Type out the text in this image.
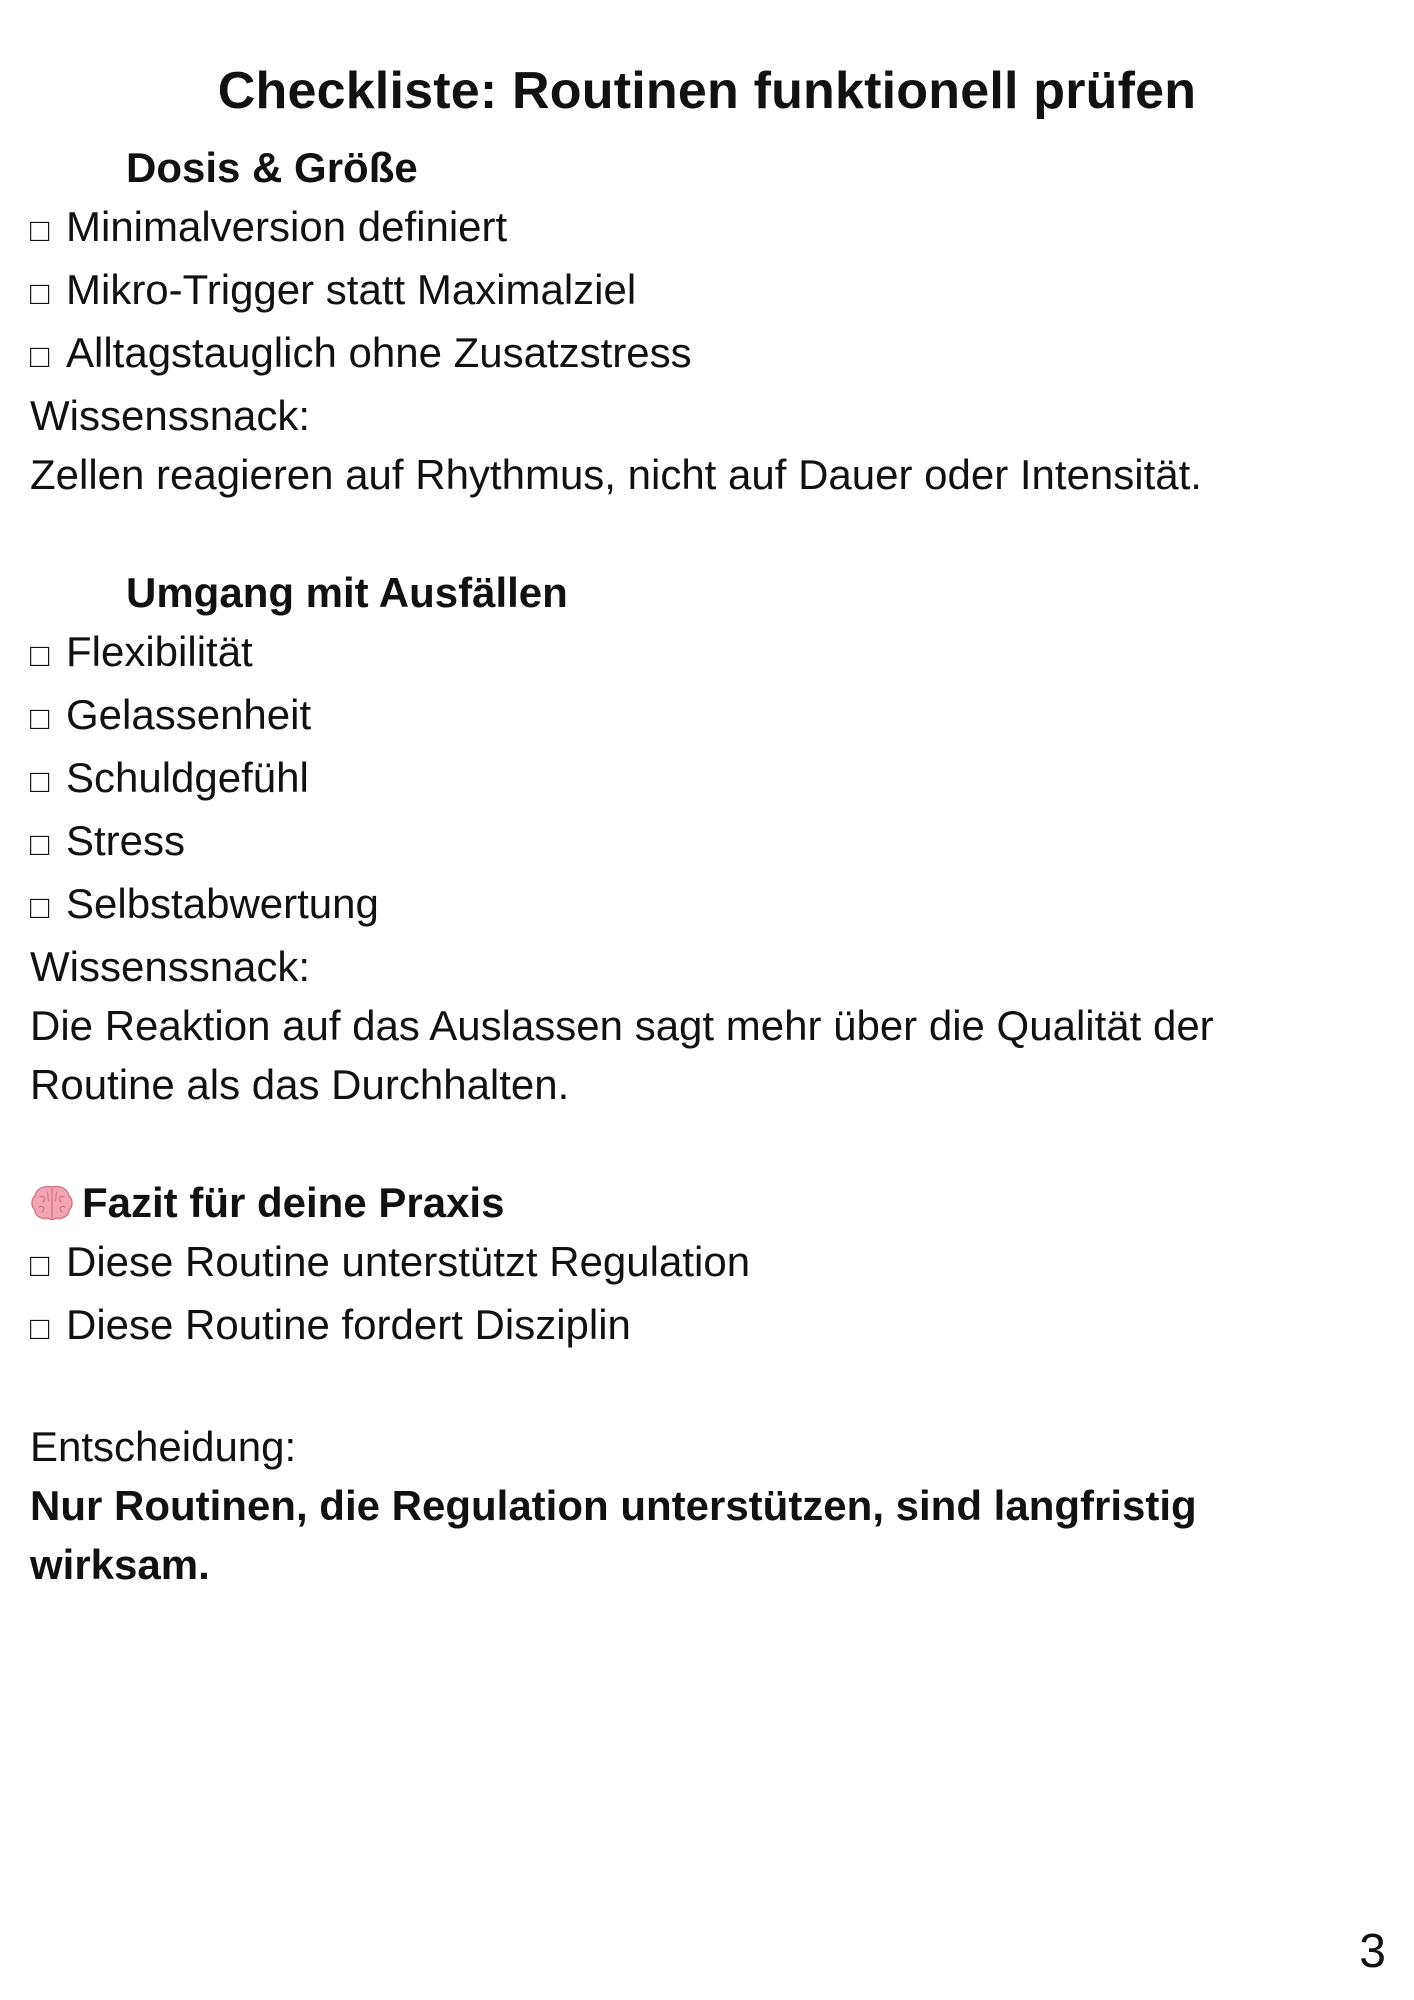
Checkliste: Routinen funktionell prüfen
Dosis & Größe
□ Minimalversion definiert
□ Mikro-Trigger statt Maximalziel
□ Alltagstauglich ohne Zusatzstress
Wissenssnack:
Zellen reagieren auf Rhythmus, nicht auf Dauer oder Intensität.
Umgang mit Ausfällen
□ Flexibilität
□ Gelassenheit
□ Schuldgefühl
□ Stress
□ Selbstabwertung
Wissenssnack:
Die Reaktion auf das Auslassen sagt mehr über die Qualität der
Routine als das Durchhalten.
Fazit für deine Praxis
□ Diese Routine unterstützt Regulation
□ Diese Routine fordert Disziplin
Entscheidung:
Nur Routinen, die Regulation unterstützen, sind langfristig
wirksam.
3
